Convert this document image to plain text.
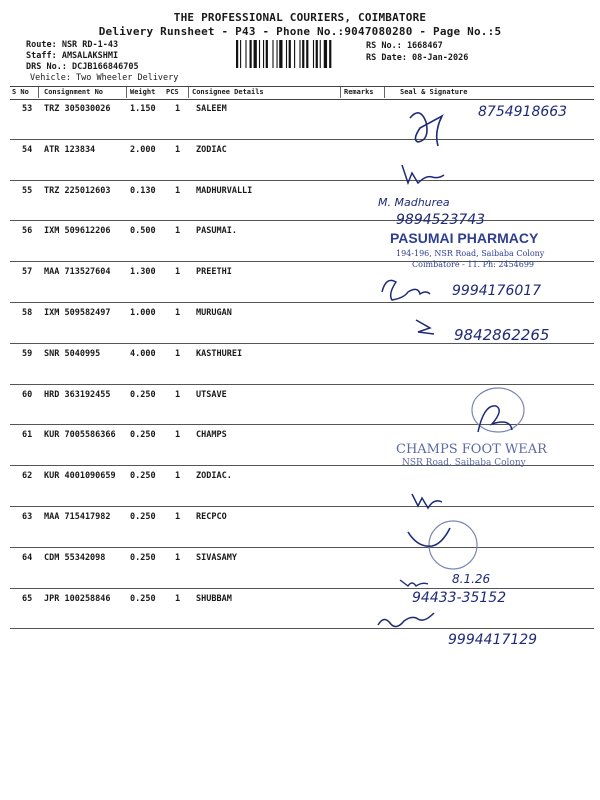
THE PROFESSIONAL COURIERS, COIMBATORE
Delivery Runsheet - P43 - Phone No.:9047080280 - Page No.:5
Route: NSR RD-1-43
Staff: AMSALAKSHMI
DRS No.: DCJB166846705
Vehicle: Two Wheeler Delivery
RS No.: 1668467
RS Date: 08-Jan-2026
S No Consignment No	Weight PCS Consignee Details	Remarks	Seal & Signature
53 TRZ 305030026 1.150 1 SALEEM
54 ATR 123834	2.000 1 ZODIAC
55 TRZ 225012603 0.130 1 MADHURVALLI
56 IXM 509612206 0.500 1 PASUMAI.
57 MAA 713527604 1.300 1 PREETHI
58 IXM 509582497 1.000 1 MURUGAN
59 SNR 5040995	4.000 1 KASTHUREI
60 HRD 363192455 0.250 1 UTSAVE
61 KUR 7005586366 0.250 1 CHAMPS
62 KUR 4001090659 0.250 1 ZODIAC.
63 MAA 715417982 0.250 1 RECPCO
64 CDM 55342098	0.250 1 SIVASAMY
65 JPR 100258846 0.250 1 SHUBBAM
8754918663
M. Madhurea
9894523743
9994176017
9842862265
8.1.26
94433-35152
9994417129
PASUMAI PHARMACY
194-196, NSR Road, Saibaba Colony
Coimbatore - 11. Ph: 2454699
CHAMPS FOOT WEAR
NSR Road, Saibaba Colony
